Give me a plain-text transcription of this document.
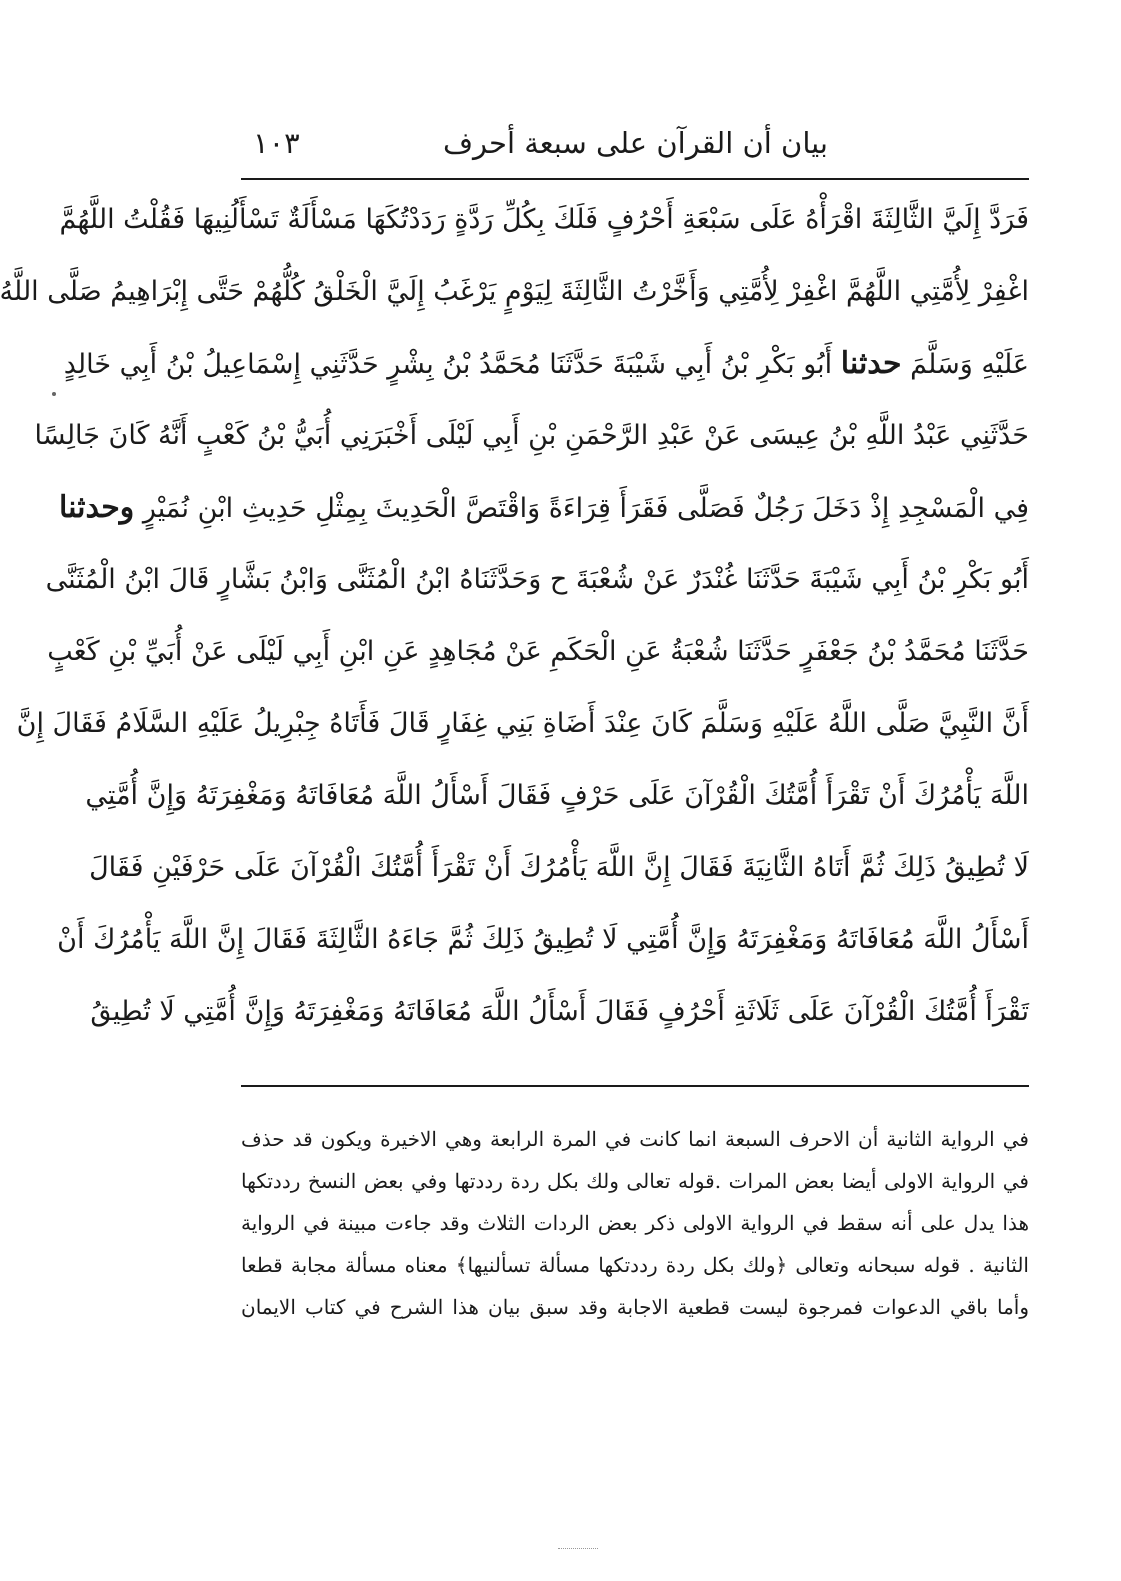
بيان أن القرآن على سبعة أحرف
١٠٣
فَرَدَّ إِلَيَّ الثَّالِثَةَ اقْرَأْهُ عَلَى سَبْعَةِ أَحْرُفٍ فَلَكَ بِكُلِّ رَدَّةٍ رَدَدْتُكَهَا مَسْأَلَةٌ تَسْأَلُنِيهَا فَقُلْتُ اللَّهُمَّ
اغْفِرْ لِأُمَّتِي اللَّهُمَّ اغْفِرْ لِأُمَّتِي وَأَخَّرْتُ الثَّالِثَةَ لِيَوْمٍ يَرْغَبُ إِلَيَّ الْخَلْقُ كُلُّهُمْ حَتَّى إِبْرَاهِيمُ صَلَّى اللَّهُ
عَلَيْهِ وَسَلَّمَ حدثنا أَبُو بَكْرِ بْنُ أَبِي شَيْبَةَ حَدَّثَنَا مُحَمَّدُ بْنُ بِشْرٍ حَدَّثَنِي إِسْمَاعِيلُ بْنُ أَبِي خَالِدٍ
حَدَّثَنِي عَبْدُ اللَّهِ بْنُ عِيسَى عَنْ عَبْدِ الرَّحْمَنِ بْنِ أَبِي لَيْلَى أَخْبَرَنِي أُبَيُّ بْنُ كَعْبٍ أَنَّهُ كَانَ جَالِسًا
فِي الْمَسْجِدِ إِذْ دَخَلَ رَجُلٌ فَصَلَّى فَقَرَأَ قِرَاءَةً وَاقْتَصَّ الْحَدِيثَ بِمِثْلِ حَدِيثِ ابْنِ نُمَيْرٍ وحدثنا
أَبُو بَكْرِ بْنُ أَبِي شَيْبَةَ حَدَّثَنَا غُنْدَرٌ عَنْ شُعْبَةَ ح وَحَدَّثَنَاهُ ابْنُ الْمُثَنَّى وَابْنُ بَشَّارٍ قَالَ ابْنُ الْمُثَنَّى
حَدَّثَنَا مُحَمَّدُ بْنُ جَعْفَرٍ حَدَّثَنَا شُعْبَةُ عَنِ الْحَكَمِ عَنْ مُجَاهِدٍ عَنِ ابْنِ أَبِي لَيْلَى عَنْ أُبَيِّ بْنِ كَعْبٍ
أَنَّ النَّبِيَّ صَلَّى اللَّهُ عَلَيْهِ وَسَلَّمَ كَانَ عِنْدَ أَضَاةِ بَنِي غِفَارٍ قَالَ فَأَتَاهُ جِبْرِيلُ عَلَيْهِ السَّلَامُ فَقَالَ إِنَّ
اللَّهَ يَأْمُرُكَ أَنْ تَقْرَأَ أُمَّتُكَ الْقُرْآنَ عَلَى حَرْفٍ فَقَالَ أَسْأَلُ اللَّهَ مُعَافَاتَهُ وَمَغْفِرَتَهُ وَإِنَّ أُمَّتِي
لَا تُطِيقُ ذَلِكَ ثُمَّ أَتَاهُ الثَّانِيَةَ فَقَالَ إِنَّ اللَّهَ يَأْمُرُكَ أَنْ تَقْرَأَ أُمَّتُكَ الْقُرْآنَ عَلَى حَرْفَيْنِ فَقَالَ
أَسْأَلُ اللَّهَ مُعَافَاتَهُ وَمَغْفِرَتَهُ وَإِنَّ أُمَّتِي لَا تُطِيقُ ذَلِكَ ثُمَّ جَاءَهُ الثَّالِثَةَ فَقَالَ إِنَّ اللَّهَ يَأْمُرُكَ أَنْ
تَقْرَأَ أُمَّتُكَ الْقُرْآنَ عَلَى ثَلَاثَةِ أَحْرُفٍ فَقَالَ أَسْأَلُ اللَّهَ مُعَافَاتَهُ وَمَغْفِرَتَهُ وَإِنَّ أُمَّتِي لَا تُطِيقُ
في الرواية الثانية أن الاحرف السبعة انما كانت في المرة الرابعة وهي الاخيرة ويكون قد حذف
في الرواية الاولى أيضا بعض المرات .قوله تعالى ولك بكل ردة رددتها وفي بعض النسخ رددتكها
هذا يدل على أنه سقط في الرواية الاولى ذكر بعض الردات الثلاث وقد جاءت مبينة في الرواية
الثانية . قوله سبحانه وتعالى ﴿ولك بكل ردة رددتكها مسألة تسألنيها﴾ معناه مسألة مجابة قطعا
وأما باقي الدعوات فمرجوة ليست قطعية الاجابة وقد سبق بيان هذا الشرح في كتاب الايمان
